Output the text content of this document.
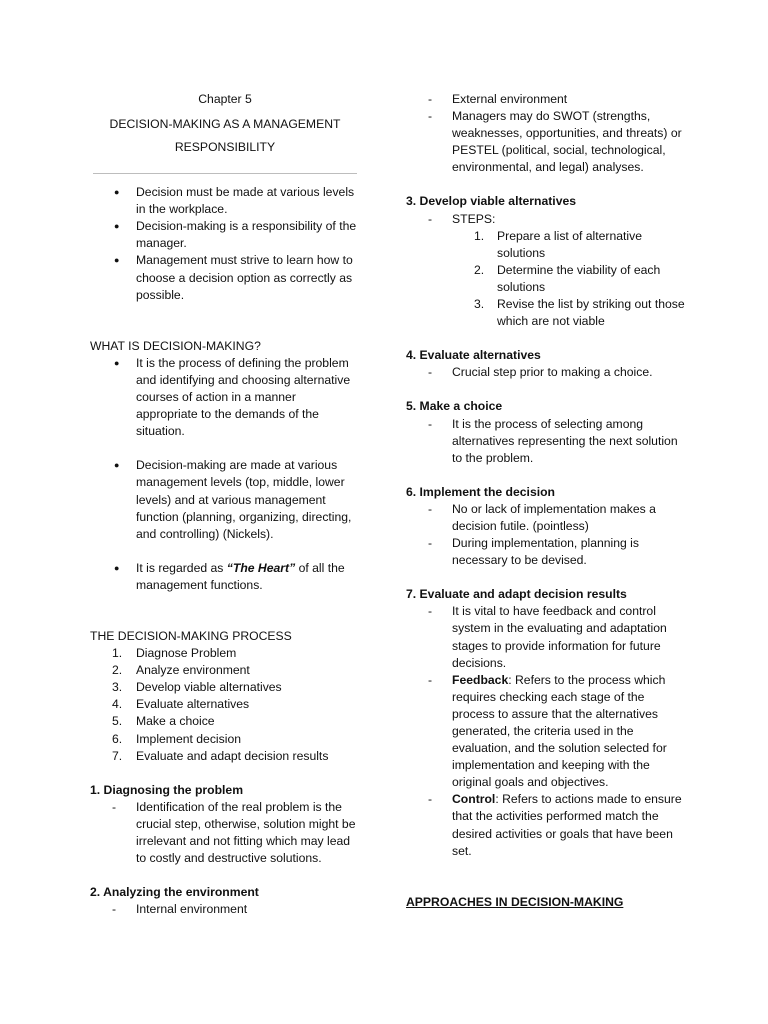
Chapter 5

DECISION-MAKING AS A MANAGEMENT

RESPONSIBILITY

● Decision must be made at various levels in the workplace.
● Decision-making is a responsibility of the manager.
● Management must strive to learn how to choose a decision option as correctly as possible.

WHAT IS DECISION-MAKING?

● It is the process of defining the problem and identifying and choosing alternative courses of action in a manner appropriate to the demands of the situation.
● Decision-making are made at various management levels (top, middle, lower levels) and at various management function (planning, organizing, directing, and controlling) (Nickels).
● It is regarded as “The Heart” of all the management functions.

THE DECISION-MAKING PROCESS

1. Diagnose Problem
2. Analyze environment
3. Develop viable alternatives
4. Evaluate alternatives
5. Make a choice
6. Implement decision
7. Evaluate and adapt decision results

1. Diagnosing the problem

- Identification of the real problem is the crucial step, otherwise, solution might be irrelevant and not fitting which may lead to costly and destructive solutions.

2. Analyzing the environment

- Internal environment
- External environment
- Managers may do SWOT (strengths, weaknesses, opportunities, and threats) or PESTEL (political, social, technological, environmental, and legal) analyses.

3. Develop viable alternatives

- STEPS:
1. Prepare a list of alternative solutions
2. Determine the viability of each solutions
3. Revise the list by striking out those which are not viable

4. Evaluate alternatives

- Crucial step prior to making a choice.

5. Make a choice

- It is the process of selecting among alternatives representing the next solution to the problem.

6. Implement the decision

- No or lack of implementation makes a decision futile. (pointless)
- During implementation, planning is necessary to be devised.

7. Evaluate and adapt decision results

- It is vital to have feedback and control system in the evaluating and adaptation stages to provide information for future decisions.
- Feedback: Refers to the process which requires checking each stage of the process to assure that the alternatives generated, the criteria used in the evaluation, and the solution selected for implementation and keeping with the original goals and objectives.
- Control: Refers to actions made to ensure that the activities performed match the desired activities or goals that have been set.

APPROACHES IN DECISION-MAKING
